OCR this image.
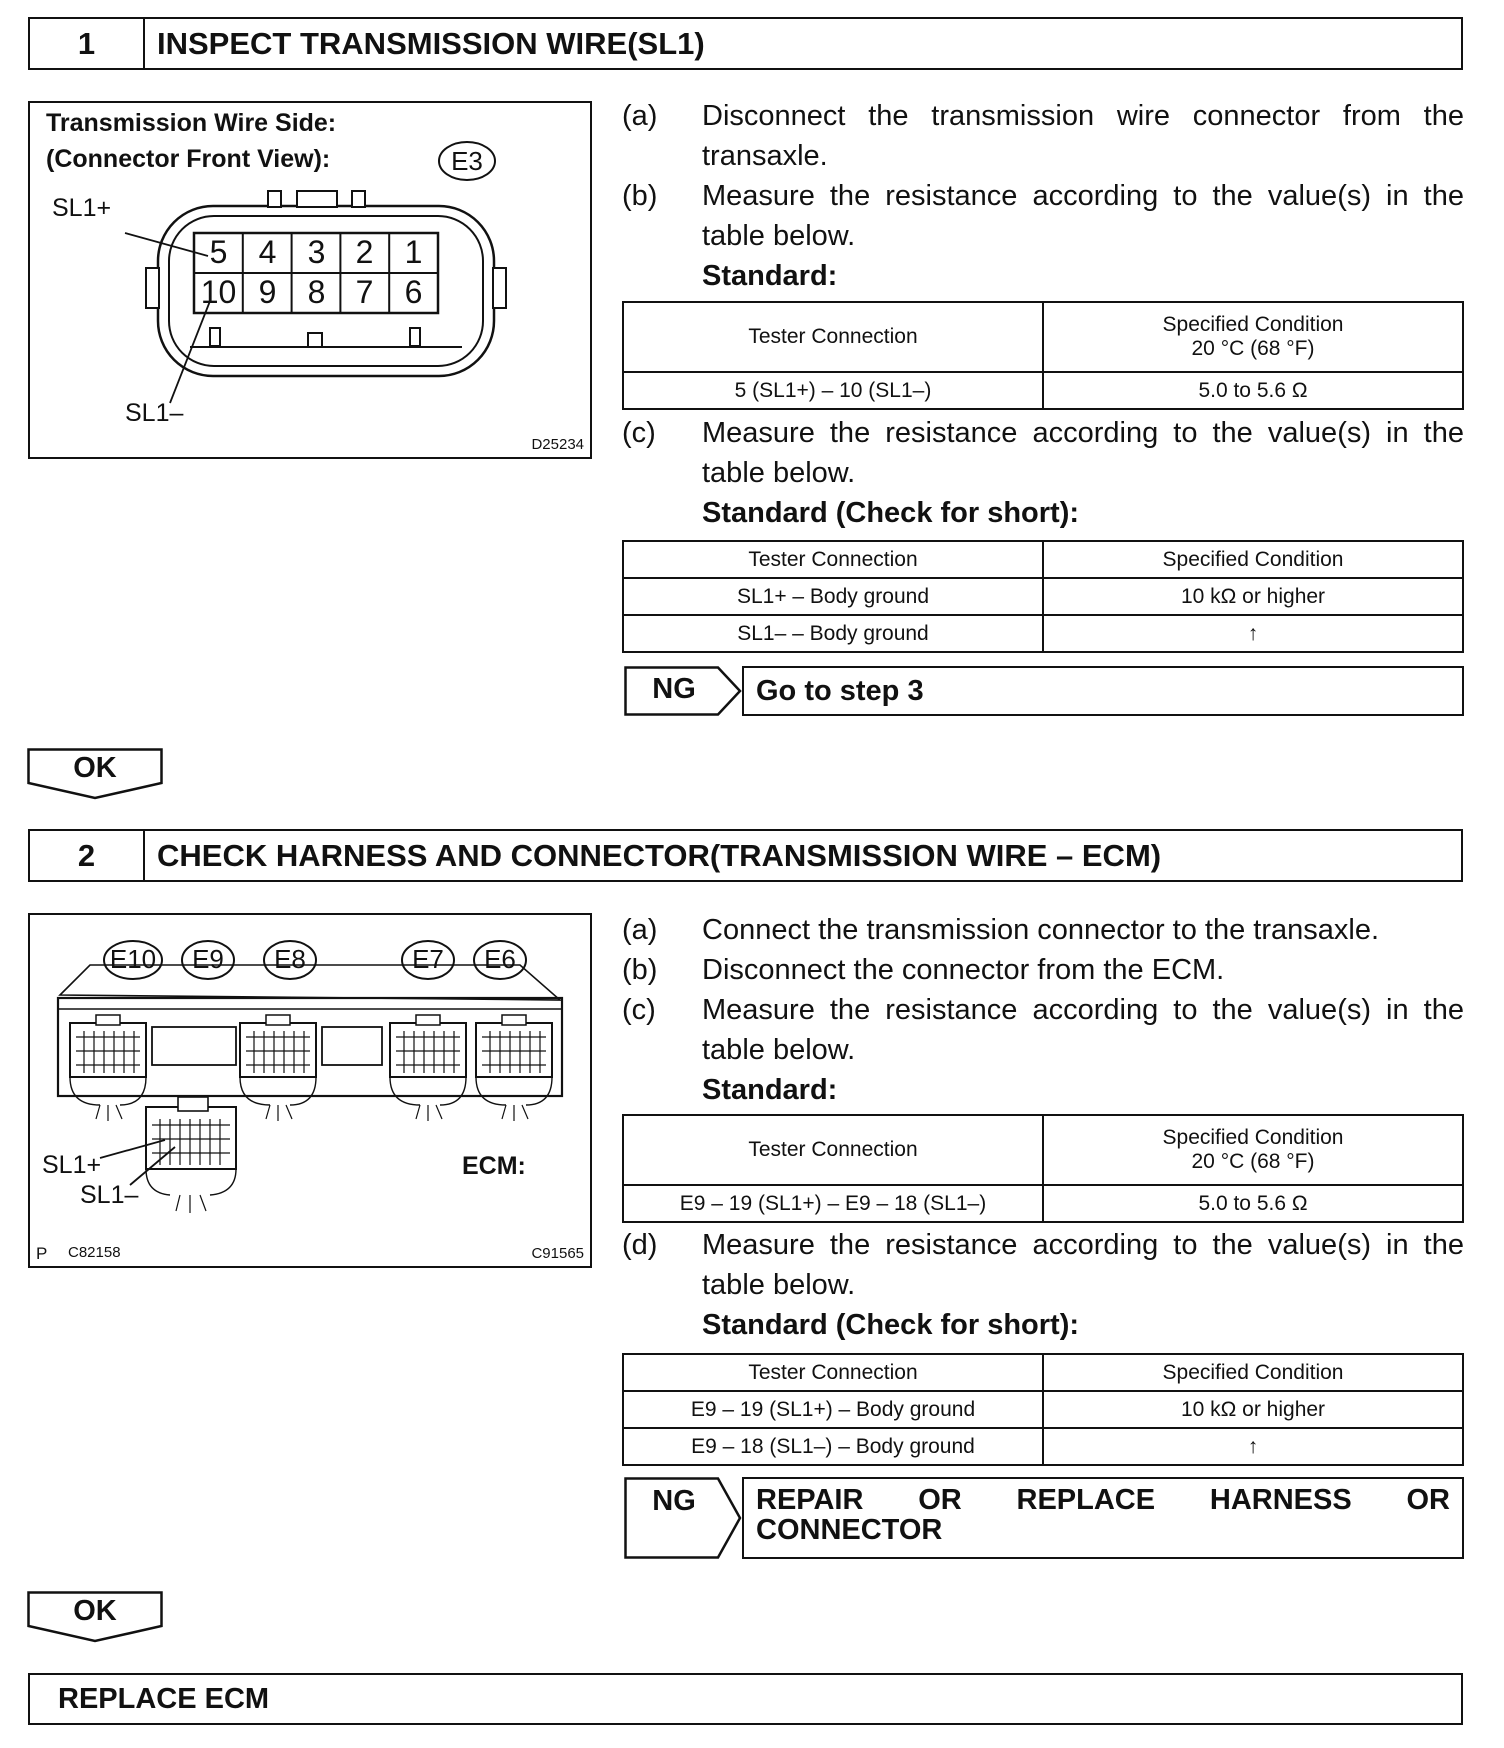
1	INSPECT TRANSMISSION WIRE(SL1)
Transmission Wire Side:
(Connector Front View):	E3
5 4 3 2 1
10 9 8 7 6
SL1+
SL1–
D25234
(a)	Disconnect the transmission wire connector from the transaxle.
(b)	Measure the resistance according to the value(s) in the table below.
Standard:
Tester Connection	Specified Condition
20 °C (68 °F)

5 (SL1+) – 10 (SL1–)	5.0 to 5.6 Ω
(c)	Measure the resistance according to the value(s) in the table below.
Standard (Check for short):
Tester Connection	Specified Condition
SL1+ – Body ground	10 kΩ or higher
SL1– – Body ground	↑
NG	Go to step 3
OK
2	CHECK HARNESS AND CONNECTOR(TRANSMISSION WIRE – ECM)
E10	E9	E8	E7	E6
SL1+
SL1–
ECM:
P C82158	C91565
(a)	Connect the transmission connector to the transaxle.
(b)	Disconnect the connector from the ECM.
(c)	Measure the resistance according to the value(s) in the table below.
Standard:
Tester Connection	Specified Condition
20 °C (68 °F)

E9 – 19 (SL1+) – E9 – 18 (SL1–)	5.0 to 5.6 Ω
(d)	Measure the resistance according to the value(s) in the table below.
Standard (Check for short):
Tester Connection	Specified Condition
E9 – 19 (SL1+) – Body ground	10 kΩ or higher
E9 – 18 (SL1–) – Body ground	↑
NG	REPAIR OR REPLACE HARNESS OR CONNECTOR
OK
REPLACE ECM
